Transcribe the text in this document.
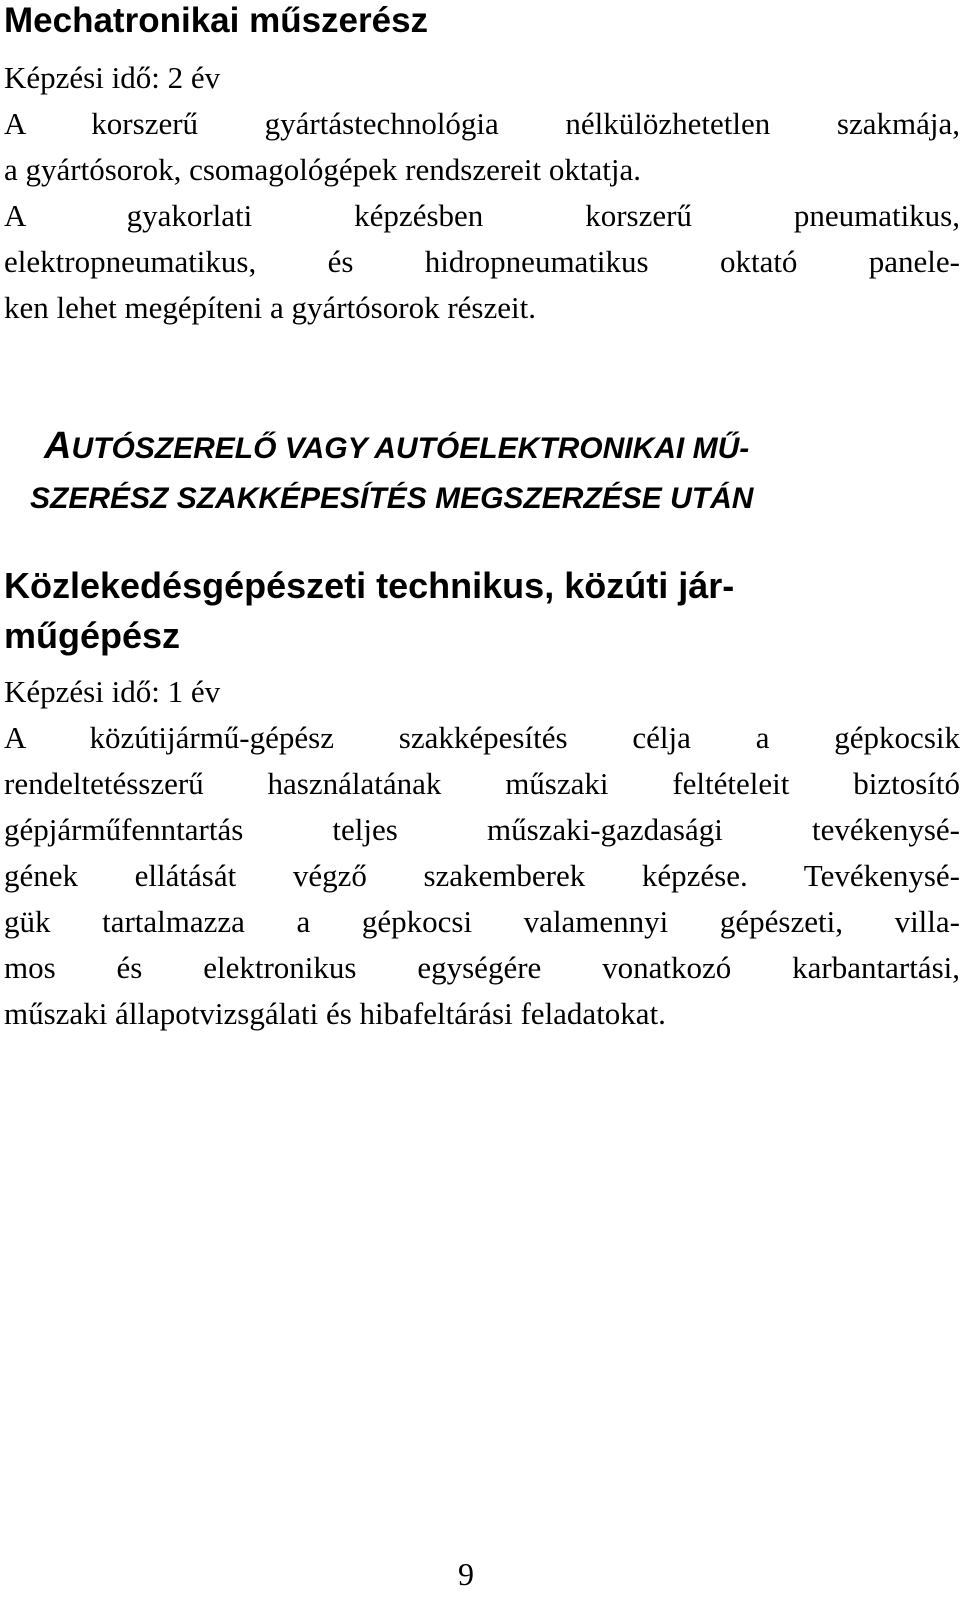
Mechatronikai műszerész

Képzési idő: 2 év

A korszerű gyártástechnológia nélkülözhetetlen szakmája,

a gyártósorok, csomagológépek rendszereit oktatja.

A gyakorlati képzésben korszerű pneumatikus,

elektropneumatikus, és hidropneumatikus oktató panele-

ken lehet megépíteni a gyártósorok részeit.

AUTÓSZERELŐ VAGY AUTÓELEKTRONIKAI MŰ-
SZERÉSZ SZAKKÉPESÍTÉS MEGSZERZÉSE UTÁN
Közlekedésgépészeti technikus, közúti jár-
műgépész

Képzési idő: 1 év

A közútijármű-gépész szakképesítés célja a gépkocsik

rendeltetésszerű használatának műszaki feltételeit biztosító

gépjárműfenntartás teljes műszaki-gazdasági tevékenysé-

gének ellátását végző szakemberek képzése. Tevékenysé-

gük tartalmazza a gépkocsi valamennyi gépészeti, villa-

mos és elektronikus egységére vonatkozó karbantartási,

műszaki állapotvizsgálati és hibafeltárási feladatokat.

9
